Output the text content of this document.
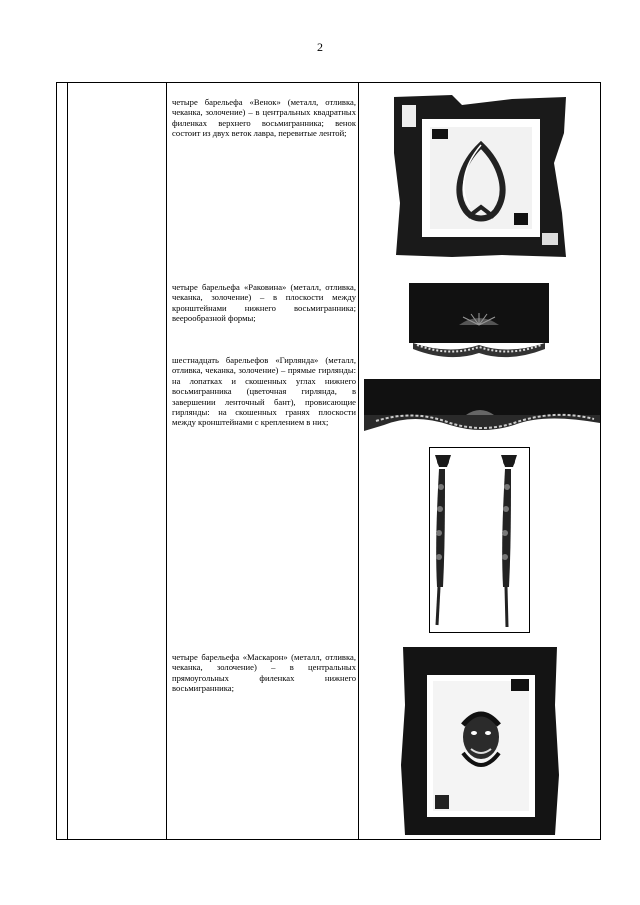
2
четыре барельефа «Венок» (металл, отливка, чеканка, золочение) – в центральных квадратных филенках верхнего восьмигранника; венок состоит из двух веток лавра, перевитые лентой;
четыре барельефа «Раковина» (металл, отливка, чеканка, золочение) – в плоскости между кронштейнами нижнего восьмигранника; веерообразной формы;
шестнадцать барельефов «Гирлянда» (металл, отливка, чеканка, золочение) – прямые гирлянды: на лопатках и скошенных углах нижнего восьмигранника (цветочная гирлянда, в завершении ленточный бант), провисающие гирлянды: на скошенных гранях плоскости между кронштейнами с креплением в них;
четыре барельефа «Маскарон» (металл, отливка, чеканка, золочение) – в центральных прямоугольных филенках нижнего восьмигранника;
